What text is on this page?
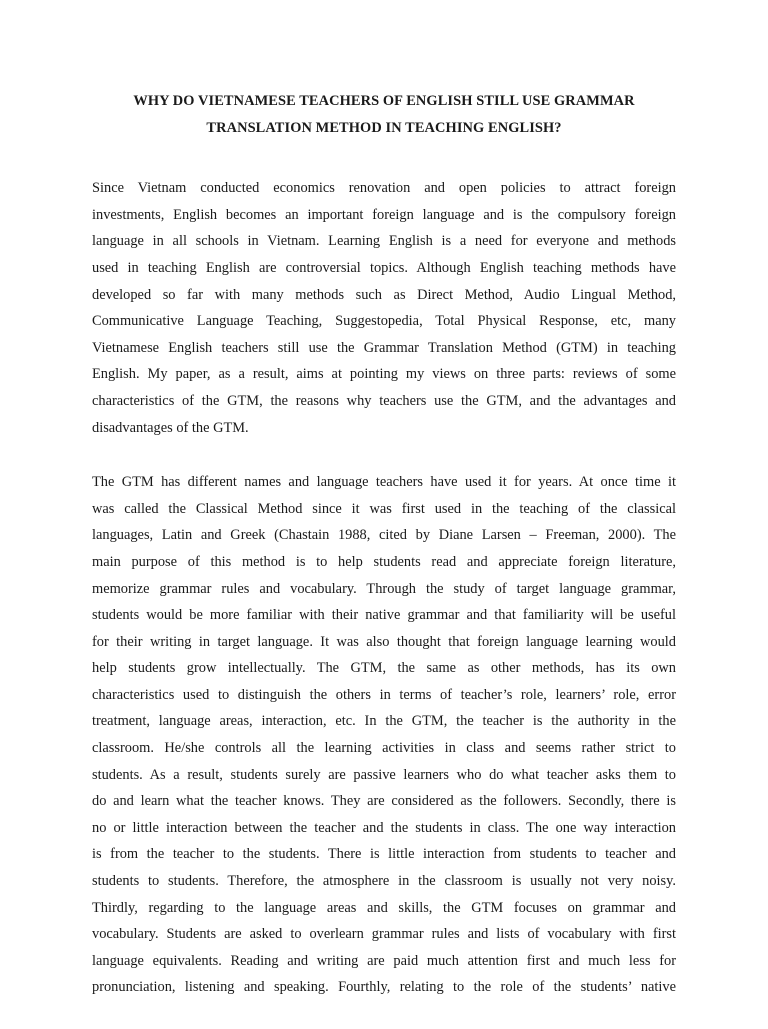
WHY DO VIETNAMESE TEACHERS OF ENGLISH STILL USE GRAMMAR
TRANSLATION METHOD IN TEACHING ENGLISH?
Since Vietnam conducted economics renovation and open policies to attract foreign
investments, English becomes an important foreign language and is the compulsory foreign
language in all schools in Vietnam. Learning English is a need for everyone and methods
used in teaching English are controversial topics. Although English teaching methods have
developed so far with many methods such as Direct Method, Audio Lingual Method,
Communicative Language Teaching, Suggestopedia, Total Physical Response, etc, many
Vietnamese English teachers still use the Grammar Translation Method (GTM) in teaching
English. My paper, as a result, aims at pointing my views on three parts: reviews of some
characteristics of the GTM, the reasons why teachers use the GTM, and the advantages and
disadvantages of the GTM.
The GTM has different names and language teachers have used it for years. At once time it
was called the Classical Method since it was first used in the teaching of the classical
languages, Latin and Greek (Chastain 1988, cited by Diane Larsen – Freeman, 2000). The
main purpose of this method is to help students read and appreciate foreign literature,
memorize grammar rules and vocabulary. Through the study of target language grammar,
students would be more familiar with their native grammar and that familiarity will be useful
for their writing in target language. It was also thought that foreign language learning would
help students grow intellectually. The GTM, the same as other methods, has its own
characteristics used to distinguish the others in terms of teacher’s role, learners’ role, error
treatment, language areas, interaction, etc. In the GTM, the teacher is the authority in the
classroom. He/she controls all the learning activities in class and seems rather strict to
students. As a result, students surely are passive learners who do what teacher asks them to
do and learn what the teacher knows. They are considered as the followers. Secondly, there is
no or little interaction between the teacher and the students in class. The one way interaction
is from the teacher to the students. There is little interaction from students to teacher and
students to students. Therefore, the atmosphere in the classroom is usually not very noisy.
Thirdly, regarding to the language areas and skills, the GTM focuses on grammar and
vocabulary. Students are asked to overlearn grammar rules and lists of vocabulary with first
language equivalents. Reading and writing are paid much attention first and much less for
pronunciation, listening and speaking. Fourthly, relating to the role of the students’ native
